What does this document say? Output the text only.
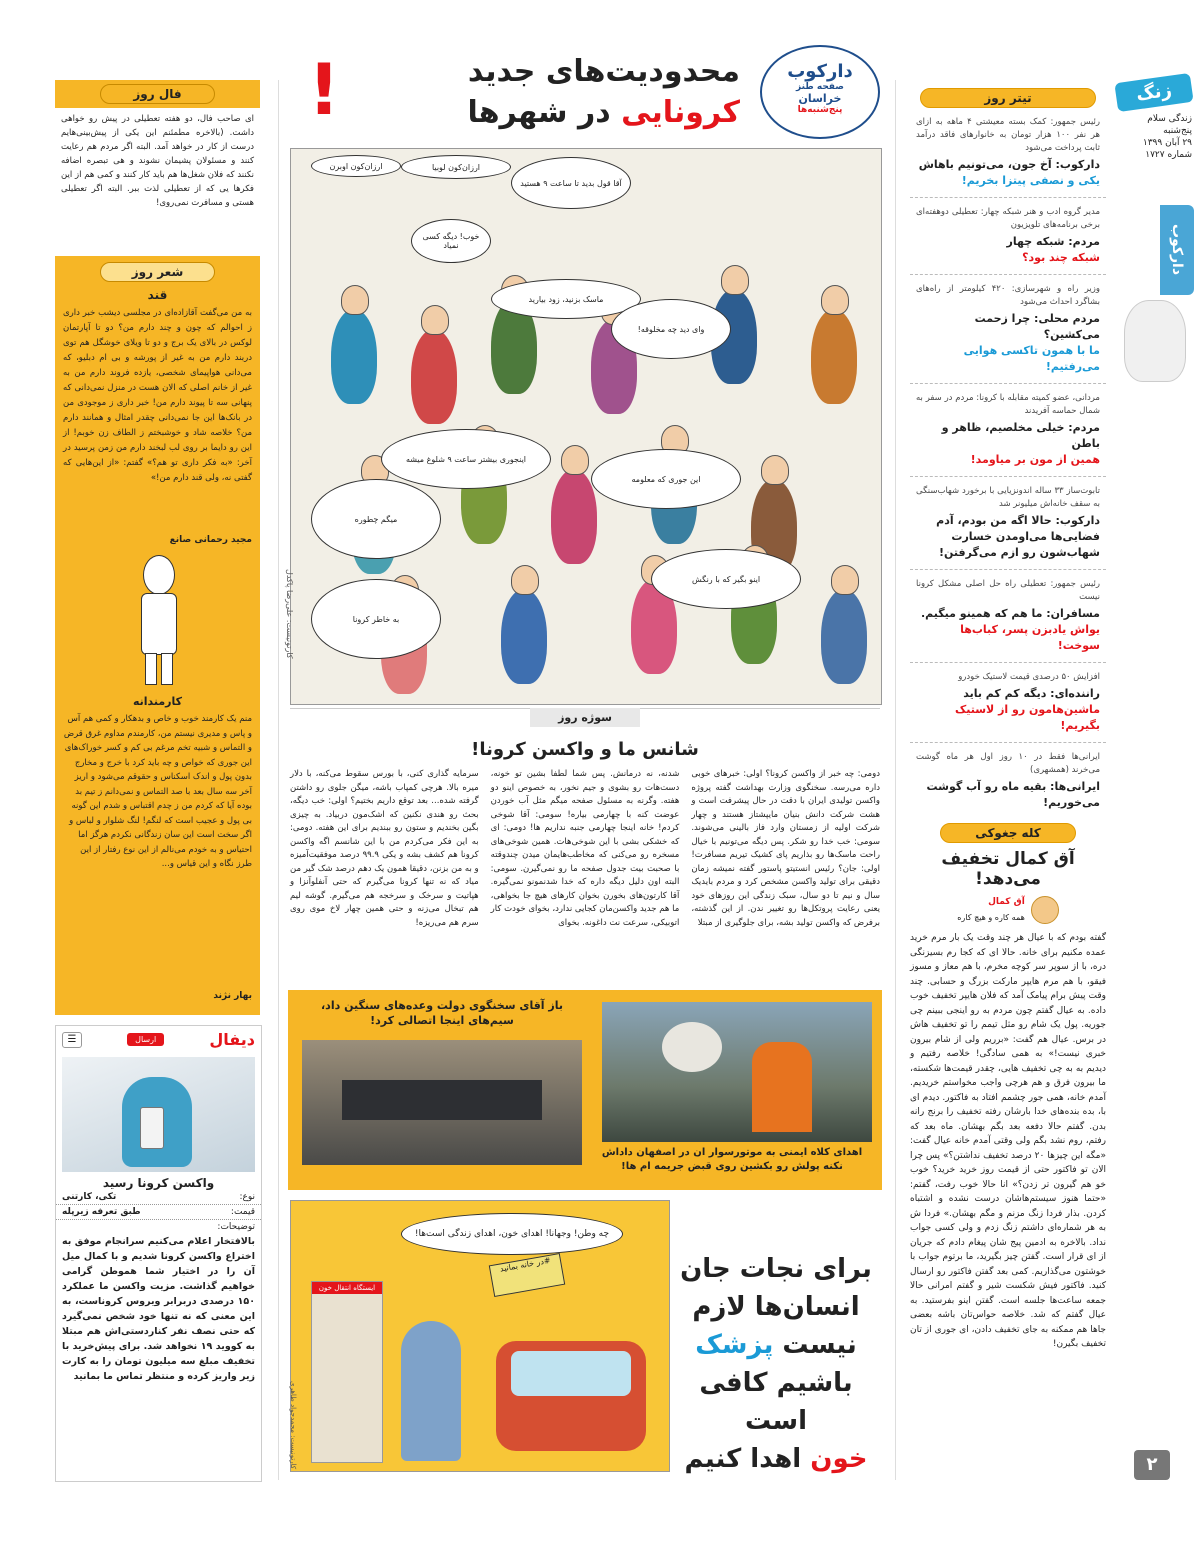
زنگ
زندگی سلام
پنج‌شنبه
۲۹ آبان ۱۳۹۹
شماره ۱۷۲۷
دارکوب
۲
تیتر روز
رئیس جمهور: کمک بسته معیشتی ۴ ماهه به ازای هر نفر ۱۰۰ هزار تومان به خانوارهای فاقد درآمد ثابت پرداخت می‌شود
دارکوب: آخ جون، می‌تونیم باهاش
یکی و نصفی پیتزا بخریم!
مدیر گروه ادب و هنر شبکه چهار: تعطیلی دوهفته‌ای برخی برنامه‌های تلویزیون
مردم: شبکه چهار
شبکه چند بود؟
وزیر راه و شهرسازی: ۴۲۰ کیلومتر از راه‌های بشاگرد احداث می‌شود
مردم محلی: چرا زحمت می‌کشین؟
ما با همون تاکسی هوایی می‌رفتیم!
مردانی، عضو کمیته مقابله با کرونا: مردم در سفر به شمال حماسه آفریدند
مردم: خیلی مخلصیم، ظاهر و باطن
همین از مون بر میاومد!
تابوت‌ساز ۳۳ ساله اندونزیایی با برخورد شهاب‌سنگی به سقف خانه‌اش میلیونر شد
دارکوب: حالا اگه من بودم، آدم فضایی‌ها می‌اومدن خسارت
شهاب‌شون رو ازم می‌گرفتن!
رئیس جمهور: تعطیلی راه حل اصلی مشکل کرونا نیست
مسافران: ما هم که همینو میگیم.
یواش یادبزن پسر، کباب‌ها سوخت!
افزایش ۵۰ درصدی قیمت لاستیک خودرو
راننده‌ای: دیگه کم کم باید
ماشین‌هامون رو از لاستیک بگیریم!
ایرانی‌ها فقط در ۱۰ روز اول هر ماه گوشت می‌خرند (همشهری)
ایرانی‌ها: بقیه ماه رو آب گوشت
می‌خوریم!
کله جغوکی
آق کمال تخفیف می‌دهد!
آق کمال
همه کاره و هیچ کاره
گفته بودم که با عیال هر چند وقت یک بار مرم خرید عمده مکنیم برای خانه. حالا ای که کجا رم بسیزنگی دره، با از سوپر سر کوچه مخرم، با هم معاز و مسوز فیقو، با هم مرم هایپر مارکت بزرگ و حسابی. چند وقت پیش برام پیامک آمد که فلان هایپر تخفیف خوب داده. به عیال گفتم چون مردم به رو اینجی ببینم چی جوریه. پول یک شام رو مثل تیمم را تو تخفیف هاش در برس. عیال هم گفت: «برریم ولی از شام بیرون خبری نیست!» به همی سادگی! خلاصه رفتیم و دیدیم به به چی تخفیف هایی، چقدر قیمت‌ها شکسته، ما بیرون فرق و هم هرچی واجب مخواستم خریدیم. آمدم خانه، همی جور چشمم افتاد به فاکتور. دیدم ای با، بده بنده‌های خدا بارشان رفته تخفیف را برنج رانه بدن. گفتم حالا دفعه بعد بگم بهشان. ماه بعد که رفتم، روم نشد بگم ولی وقتی آمدم خانه عیال گفت: «مگه این چیزها ۲۰ درصد تخفیف نداشتن؟» پس چرا الان تو فاکتور حتی از قیمت روز خرید خرید؟ خوب خو هم گیرون تر زدن؟» انا حالا خوب رفت، گفتم: «حتما هنوز سیستم‌هاشان درست نشده و اشتباه کردن. بذار فردا زنگ مزنم و مگم بهشان.» فردا ش به هر شماره‌ای داشتم زنگ زدم و ولی کسی جواب نداد. بالاخره به ادمین پیج شان پیغام دادم که جریان از ای قرار است. گفتن چیز بگیرید، ما برتوم جواب با خوشتون می‌گذاریم. کمی بعد گفتن فاکتور رو ارسال کنید. فاکتور فیش شکست شیر و گفتم امرانی حالا جمعه ساعت‌ها جلسه است. گفتن اینو بفرستید. به عیال گفتم که شد. خلاصه حواس‌تان باشه بعضی جاها هم ممکنه به جای تخفیف دادن، ای جوری از تان تخفیف بگیرن!
!	محدودیت‌های جدید
کرونایی در شهرها
دارکوب
صفحه طنز
خراسان
پنج‌شنبه‌ها
ارزان‌کون اوبرن	ارزان‌کون لوبیا
آقا قول بدید تا ساعت ۹ هستید
خوب! دیگه کسی نمیاد
ماسک بزنید، زود بیارید
وای دید چه مخلوقه!
اینجوری بیشتر ساعت ۹ شلوغ میشه
این جوری که معلومه
میگم چطوره
اینو بگیر که با رنگش
به خاطر کرونا
کارتونیست: علی‌رضا پاکدل
سوژه روز
شانس ما و واکسن کرونا!
دومی: چه خبر از واکسن کرونا؟ اولی: خبرهای خوبی داره می‌رسه. سخنگوی وزارت بهداشت گفته پروژه واکسن تولیدی ایران با دقت در حال پیشرفت است و هشت شرکت دانش بنیان مایپشتاز هستند و چهار شرکت اولیه از زمستان وارد فاز بالینی می‌شوند. سومی: خب خدا رو شکر. پس دیگه می‌تونیم با خیال راحت ماسک‌ها رو بذاریم پای کشیک تیریم مسافرت! اولی: جان؟ رئیس انستیتو پاستور گفته نمیشه زمان دقیقی برای تولید واکسن مشخص کرد و مردم بایدیک سال و نیم تا دو سال، سبک زندگی این روزهای خود یعنی رعایت پروتکل‌ها رو تغییر ندن. از این گذشته، برفرض که واکسن تولید بشه، برای جلوگیری از مبتلا
شدنه، نه درمانش. پس شما لطفا بشین تو خونه، دست‌هات رو بشوی و جیم نخور، به خصوص اینو دو هفته. وگرنه به مسئول صفحه میگم مثل آب خوردن عوضت کنه با چهارمی بیاره! سومی: آقا شوخی کردم! خانه اینجا چهارمی جنبه نداریم ها! دومی: ای که خشکی بشی با این شوخی‌هات. همین شوخی‌های مسخره رو می‌کنی که مخاطب‌هایمان میدن چندوقته با صحبت بیت جدول صفحه ما رو نمی‌گیرن. سومی: البته اون دلیل دیگه داره که خدا شدنمونو نمی‌گیره. آقا کارتون‌های بخورن بخوان کارهای هیچ جا بخواهی، ما هم جدید واکسن‌مان کجایی ندارد، بخوای خودت کار اتوبیکی، سرعت نت داغونه. بخوای
سرمایه گذاری کنی، با بورس سقوط می‌کنه، با دلار میره بالا. هرچی کمپاب باشه، میگن جلوی رو داشتن گرفته شده... بعد توقع داریم بختیم؟ اولی: خب دیگه، بحث رو هندی نکنین که اشک‌مون دربیاد. به چیزی بگین بخندیم و ستون رو ببندیم برای این هفته. دومی: به این فکر می‌کردم من با این شانسم اگه واکسن کرونا هم کشف بشه و یکی ۹۹.۹ درصد موفقیت‌آمیزه و به من بزنن، دقیقا همون یک دهم درصد شک گیر من میاد که نه تنها کرونا می‌گیرم که حتی آنفلوآنزا و هپاتیت و سرخک و سرخجه هم می‌گیرم. گوشه لیم هم تبخال می‌زنه و حتی همین چهار لاخ موی روی سرم هم می‌ریزه!
باز آقای سخنگوی دولت وعده‌های سنگین داد، سیم‌های اینجا اتصالی کرد!
اهدای کلاه ایمنی به موتورسوار ان در اصفهان داداش نکنه پولش رو بکشین روی قبض جریمه ام ها!
چه وطن! وجهانا! اهدای خون، اهدای زندگی است‌ها!
ایستگاه انتقال خون
#در خانه بمانید
کارتونیست: محمدجواد طاهری
برای نجات جان
انسان‌ها لازم
نیست پزشک
باشیم کافی است
خون اهدا کنیم
فال روز
ای صاحب فال، دو هفته تعطیلی در پیش رو خواهی داشت. (بالاخره مطمئنم این یکی از پیش‌بینی‌هایم درست از کار در خواهد آمد. البته اگر مردم هم رعایت کنند و مسئولان پشیمان نشوند و هی تبصره اضافه نکنند که فلان شغل‌ها هم باید کار کنند و کمی هم از این فکرها یی که از تعطیلی لذت ببر. البته اگر تعطیلی هستی و مسافرت نمی‌روی!
شعر روز
قند
به من می‌گفت آقازاده‌ای در مجلسی دیشب خبر داری ز احوالم که چون و چند دارم من؟ دو تا آپارتمان لوکس در بالای یک برج و دو تا ویلای خوشگل هم توی دربند دارم من به غیر از پورشه و بی ام دبلیو، که می‌دانی هواپیمای شخصی، یازده فروند دارم من به غیر از خانم اصلی که الان هست در منزل نمی‌دانی که پنهانی سه تا پیوند دارم من! خبر داری ز موجودی من در بانک‌ها این جا نمی‌دانی چقدر امثال و همانند دارم من؟ خلاصه شاد و خوشبختم ز الطاف زن خوبم! از این رو دایما بر روی لب لبخند دارم من زمن پرسید در آخر: «به فکر داری تو هم؟» گفتم: «از این‌هایی که گفتی نه، ولی قند دارم من!»
مجید رحمانی صانع
کارمندانه
منم یک کارمند خوب و خاص و بدهکار و کمی هم آس و پاس و مدیری نیستم من، کارمندم مداوم غرق قرض و التماس و شبیه تخم مرغم بی کم و کسر خوراک‌های این جوری که خواص و چه باید کرد با خرج و مخارج بدون پول و اندک اسکناس و حقوقم می‌شود و اریز آخر سه سال بعد با صد التماس و نمی‌دانم ز تیم بد بوده آیا که کردم من ز چدم اقتباس و شدم این گونه بی پول و عجیب است که لنگم! لنگ شلوار و لباس و اگر سخت است این سان زندگانی نکردم هرگز اما احتیاس و به خودم می‌نالم از این نوع رفتار از این طرز نگاه و این قیاس و...
بهار نژند
دیفال
ارسال
☰
واکسن کرونا رسید
نوع:
تکی، کارتنی
قیمت:
طبق تعرفه زیرپله
توضیحات:
بالافتخار اعلام می‌کنیم سرانجام موفق به اختراع واکسن کرونا شدیم و با کمال میل آن را در اختیار شما هموطن گرامی خواهیم گذاشت. مزیت واکسن ما عملکرد ۱۵۰ درصدی دربرابر ویروس کروناست، به این معنی که نه تنها خود شخص نمی‌گیرد که حتی نصف نفر کناردستی‌اش هم مبتلا به کووید ۱۹ نخواهد شد. برای پیش‌خرید با تخفیف مبلغ سه میلیون تومان را به کارت زیر واریز کرده و منتظر تماس ما بمانید
